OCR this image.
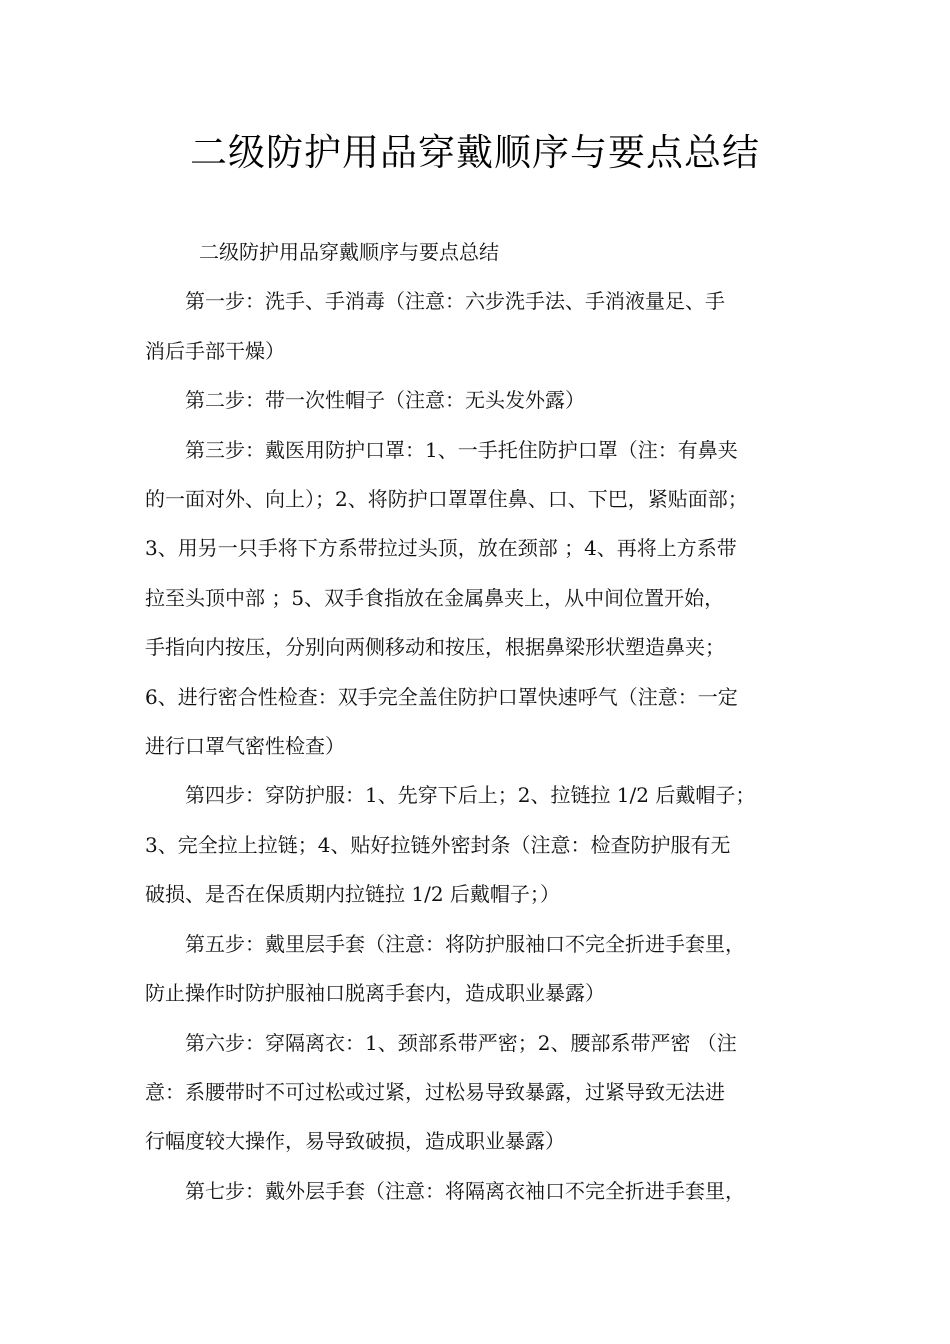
二级防护用品穿戴顺序与要点总结

二级防护用品穿戴顺序与要点总结

第一步：洗手、手消毒（注意：六步洗手法、手消液量足、手
消后手部干燥）

第二步：带一次性帽子（注意：无头发外露）

第三步：戴医用防护口罩：1、一手托住防护口罩（注：有鼻夹
的一面对外、向上）；2、将防护口罩罩住鼻、口、下巴，紧贴面部；
3、用另一只手将下方系带拉过头顶，放在颈部 ；4、再将上方系带
拉至头顶中部 ；5、双手食指放在金属鼻夹上，从中间位置开始，
手指向内按压，分别向两侧移动和按压，根据鼻梁形状塑造鼻夹；
6、进行密合性检查：双手完全盖住防护口罩快速呼气（注意：一定
进行口罩气密性检查）

第四步：穿防护服：1、先穿下后上；2、拉链拉 1/2 后戴帽子；
3、完全拉上拉链；4、贴好拉链外密封条（注意：检查防护服有无
破损、是否在保质期内拉链拉 1/2 后戴帽子；）

第五步：戴里层手套（注意：将防护服袖口不完全折进手套里，
防止操作时防护服袖口脱离手套内，造成职业暴露）

第六步：穿隔离衣：1、颈部系带严密；2、腰部系带严密 （注
意：系腰带时不可过松或过紧，过松易导致暴露，过紧导致无法进
行幅度较大操作，易导致破损，造成职业暴露）

第七步：戴外层手套（注意：将隔离衣袖口不完全折进手套里，
